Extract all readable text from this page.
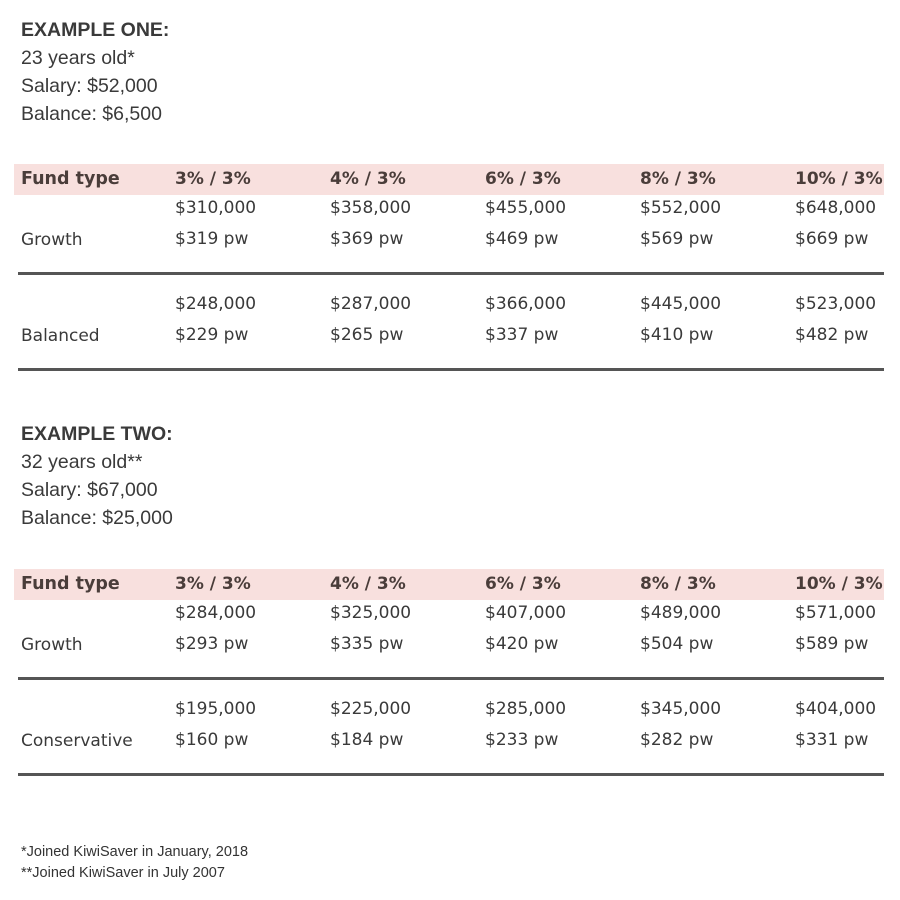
EXAMPLE ONE:
23 years old*
Salary: $52,000
Balance: $6,500
Fund type	3% / 3%	4% / 3%	6% / 3%	8% / 3%	10% / 3%
Growth
$310,000	$358,000	$455,000	$552,000	$648,000
$319 pw	$369 pw	$469 pw	$569 pw	$669 pw
Balanced
$248,000	$287,000	$366,000	$445,000	$523,000
$229 pw	$265 pw	$337 pw	$410 pw	$482 pw
EXAMPLE TWO:
32 years old**
Salary: $67,000
Balance: $25,000
Fund type	3% / 3%	4% / 3%	6% / 3%	8% / 3%	10% / 3%
Growth
$284,000	$325,000	$407,000	$489,000	$571,000
$293 pw	$335 pw	$420 pw	$504 pw	$589 pw
Conservative
$195,000	$225,000	$285,000	$345,000	$404,000
$160 pw	$184 pw	$233 pw	$282 pw	$331 pw
*Joined KiwiSaver in January, 2018
**Joined KiwiSaver in July 2007
